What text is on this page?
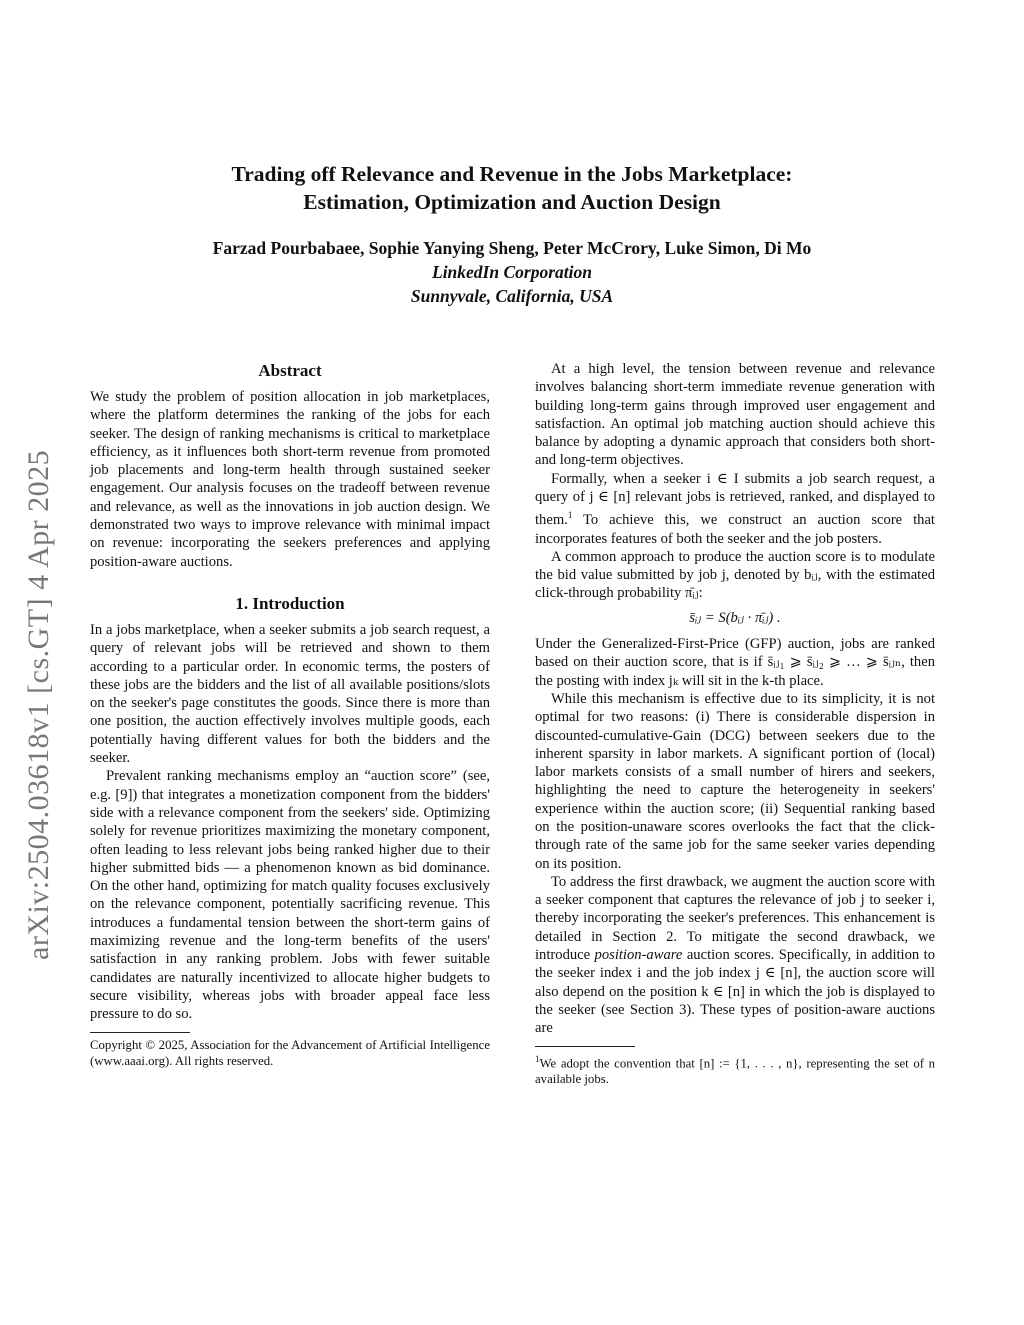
arXiv:2504.03618v1 [cs.GT] 4 Apr 2025
Trading off Relevance and Revenue in the Jobs Marketplace:
Estimation, Optimization and Auction Design
Farzad Pourbabaee, Sophie Yanying Sheng, Peter McCrory, Luke Simon, Di Mo
LinkedIn Corporation
Sunnyvale, California, USA
Abstract

We study the problem of position allocation in job marketplaces, where the platform determines the ranking of the jobs for each seeker. The design of ranking mechanisms is critical to marketplace efficiency, as it influences both short-term revenue from promoted job placements and long-term health through sustained seeker engagement. Our analysis focuses on the tradeoff between revenue and relevance, as well as the innovations in job auction design. We demonstrated two ways to improve relevance with minimal impact on revenue: incorporating the seekers preferences and applying position-aware auctions.

1. Introduction

In a jobs marketplace, when a seeker submits a job search request, a query of relevant jobs will be retrieved and shown to them according to a particular order. In economic terms, the posters of these jobs are the bidders and the list of all available positions/slots on the seeker's page constitutes the goods. Since there is more than one position, the auction effectively involves multiple goods, each potentially having different values for both the bidders and the seeker.

Prevalent ranking mechanisms employ an “auction score” (see, e.g. [9]) that integrates a monetization component from the bidders' side with a relevance component from the seekers' side. Optimizing solely for revenue prioritizes maximizing the monetary component, often leading to less relevant jobs being ranked higher due to their higher submitted bids — a phenomenon known as bid dominance. On the other hand, optimizing for match quality focuses exclusively on the relevance component, potentially sacrificing revenue. This introduces a fundamental tension between the short-term gains of maximizing revenue and the long-term benefits of the users' satisfaction in any ranking problem. Jobs with fewer suitable candidates are naturally incentivized to allocate higher budgets to secure visibility, whereas jobs with broader appeal face less pressure to do so.

Copyright © 2025, Association for the Advancement of Artificial Intelligence (www.aaai.org). All rights reserved.

At a high level, the tension between revenue and relevance involves balancing short-term immediate revenue generation with building long-term gains through improved user engagement and satisfaction. An optimal job matching auction should achieve this balance by adopting a dynamic approach that considers both short- and long-term objectives.

Formally, when a seeker i ∈ I submits a job search request, a query of j ∈ [n] relevant jobs is retrieved, ranked, and displayed to them.$^1$ To achieve this, we construct an auction score that incorporates features of both the seeker and the job posters.

A common approach to produce the auction score is to modulate the bid value submitted by job j, denoted by bᵢⱼ, with the estimated click-through probability π̄ᵢⱼ:

s̄ᵢⱼ = S(bᵢⱼ · π̄ᵢⱼ) .

Under the Generalized-First-Price (GFP) auction, jobs are ranked based on their auction score, that is if s̄ᵢⱼ₁ ⩾ s̄ᵢⱼ₂ ⩾ … ⩾ s̄ᵢⱼₙ, then the posting with index jₖ will sit in the k-th place.

While this mechanism is effective due to its simplicity, it is not optimal for two reasons: (i) There is considerable dispersion in discounted-cumulative-Gain (DCG) between seekers due to the inherent sparsity in labor markets. A significant portion of (local) labor markets consists of a small number of hirers and seekers, highlighting the need to capture the heterogeneity in seekers' experience within the auction score; (ii) Sequential ranking based on the position-unaware scores overlooks the fact that the click-through rate of the same job for the same seeker varies depending on its position.

To address the first drawback, we augment the auction score with a seeker component that captures the relevance of job j to seeker i, thereby incorporating the seeker's preferences. This enhancement is detailed in Section 2. To mitigate the second drawback, we introduce position-aware auction scores. Specifically, in addition to the seeker index i and the job index j ∈ [n], the auction score will also depend on the position k ∈ [n] in which the job is displayed to the seeker (see Section 3). These types of position-aware auctions are

$^1$We adopt the convention that [n] := {1, . . . , n}, representing the set of n available jobs.
